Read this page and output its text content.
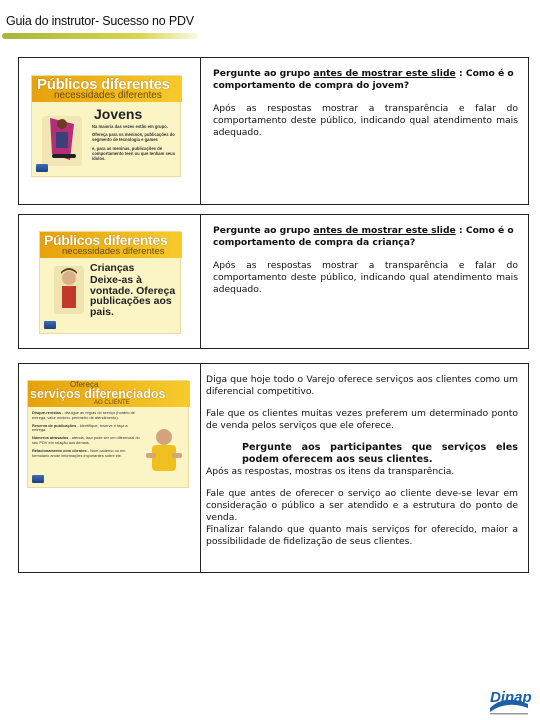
Guia do instrutor- Sucesso no PDV
Públicos diferentes
necessidades diferentes
Jovens
Na maioria das vezes estão em grupo.
Ofereça para os meninos, publicações do segmento de tecnologia e games
e, para as meninas, publicações de comportamento teen ou que tenham seus ídolos.
Pergunte ao grupo antes de mostrar este slide : Como é o comportamento de compra do jovem?
Após as respostas mostrar a transparência e falar do comportamento deste público, indicando qual atendimento mais adequado.
Públicos diferentes
necessidades diferentes
Crianças
Deixe-as à vontade. Ofereça publicações aos pais.
Pergunte ao grupo antes de mostrar este slide : Como é o comportamento de compra da criança?
Após as respostas mostrar a transparência e falar do comportamento deste público, indicando qual atendimento mais adequado.
Ofereça
serviços diferenciados
AO CLIENTE
Disque-revistas - divulgue as regras do serviço (horário de entrega, valor mínimo, perímetro de atendimento).
Reserva de publicações - identifique, reserve e faça a entrega.
Números atrasados - atenda, isso pode ser um diferencial do seu PDV em relação aos demais.
Relacionamento com clientes - Num caderno ou em formulário anote informações importantes sobre ele.
Diga que hoje todo o Varejo oferece serviços aos clientes como um diferencial competitivo.
Fale que os clientes muitas vezes preferem um determinado ponto de venda pelos serviços que ele oferece.
Pergunte aos participantes que serviços eles podem oferecem aos seus clientes.
Após as respostas, mostras os itens da transparência.
Fale que antes de oferecer o serviço ao cliente deve-se levar em consideração o público a ser atendido e a estrutura do ponto de venda.
Finalizar falando que quanto mais serviços for oferecido, maior a possibilidade de fidelização de seus clientes.
Dinap
